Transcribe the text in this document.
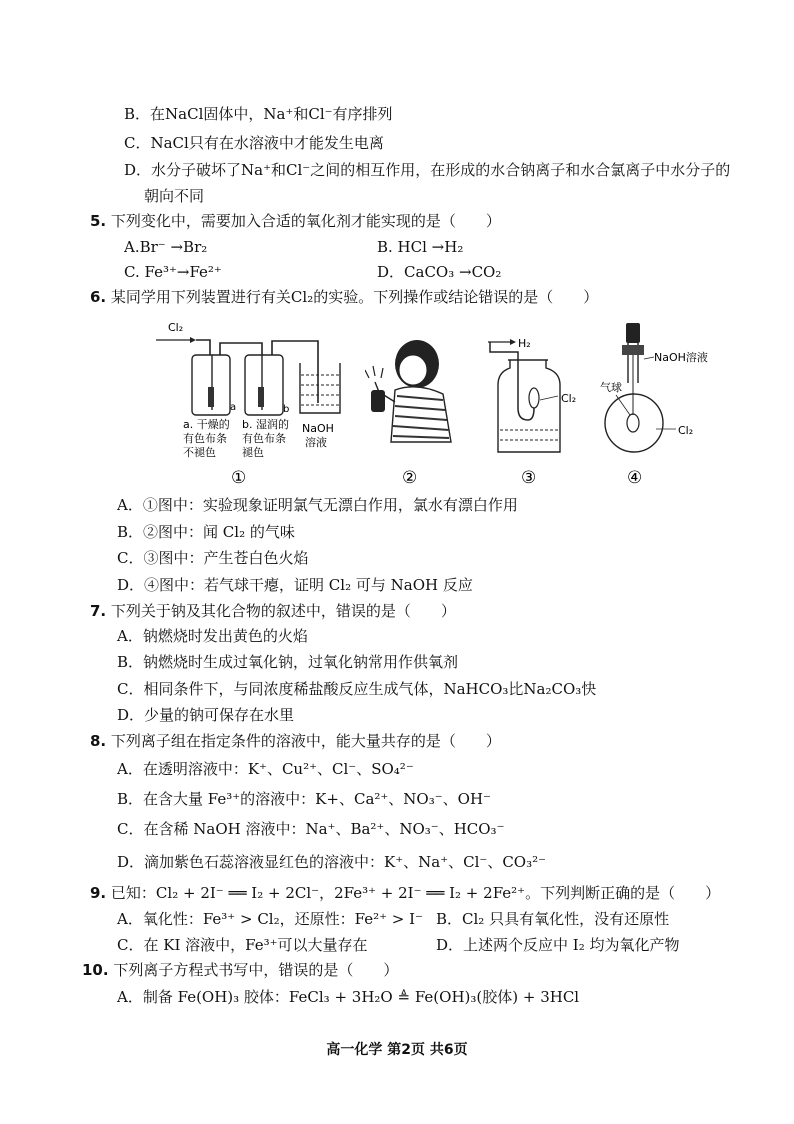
B．在NaCl固体中，Na⁺和Cl⁻有序排列
C．NaCl只有在水溶液中才能发生电离
D．水分子破坏了Na⁺和Cl⁻之间的相互作用，在形成的水合钠离子和水合氯离子中水分子的
朝向不同
5. 下列变化中，需要加入合适的氧化剂才能实现的是（　　）
A.Br⁻ →Br₂	B. HCl →H₂
C. Fe³⁺→Fe²⁺	D．CaCO₃ →CO₂
6. 某同学用下列装置进行有关Cl₂的实验。下列操作或结论错误的是（　　）
Cl₂
a	b
a. 干燥的
有色布条
不褪色
b. 湿润的
有色布条
褪色
NaOH
溶液
①	②
H₂
Cl₂
③
NaOH溶液
气球
Cl₂
④
A．①图中：实验现象证明氯气无漂白作用，氯水有漂白作用
B．②图中：闻 Cl₂ 的气味
C．③图中：产生苍白色火焰
D．④图中：若气球干瘪，证明 Cl₂ 可与 NaOH 反应
7. 下列关于钠及其化合物的叙述中，错误的是（　　）
A．钠燃烧时发出黄色的火焰
B．钠燃烧时生成过氧化钠，过氧化钠常用作供氧剂
C．相同条件下，与同浓度稀盐酸反应生成气体，NaHCO₃比Na₂CO₃快
D．少量的钠可保存在水里
8. 下列离子组在指定条件的溶液中，能大量共存的是（　　）
A．在透明溶液中：K⁺、Cu²⁺、Cl⁻、SO₄²⁻
B．在含大量 Fe³⁺的溶液中：K+、Ca²⁺、NO₃⁻、OH⁻
C．在含稀 NaOH 溶液中：Na⁺、Ba²⁺、NO₃⁻、HCO₃⁻
D．滴加紫色石蕊溶液显红色的溶液中：K⁺、Na⁺、Cl⁻、CO₃²⁻
9. 已知：Cl₂ + 2I⁻ ══ I₂ + 2Cl⁻，2Fe³⁺ + 2I⁻ ══ I₂ + 2Fe²⁺。下列判断正确的是（　　）
A．氧化性：Fe³⁺ > Cl₂，还原性：Fe²⁺ > I⁻ B．Cl₂ 只具有氧化性，没有还原性
C．在 KI 溶液中，Fe³⁺可以大量存在	D．上述两个反应中 I₂ 均为氧化产物
10. 下列离子方程式书写中，错误的是（　　）
A．制备 Fe(OH)₃ 胶体：FeCl₃ + 3H₂O ≜ Fe(OH)₃(胶体) + 3HCl
高一化学 第2页 共6页
